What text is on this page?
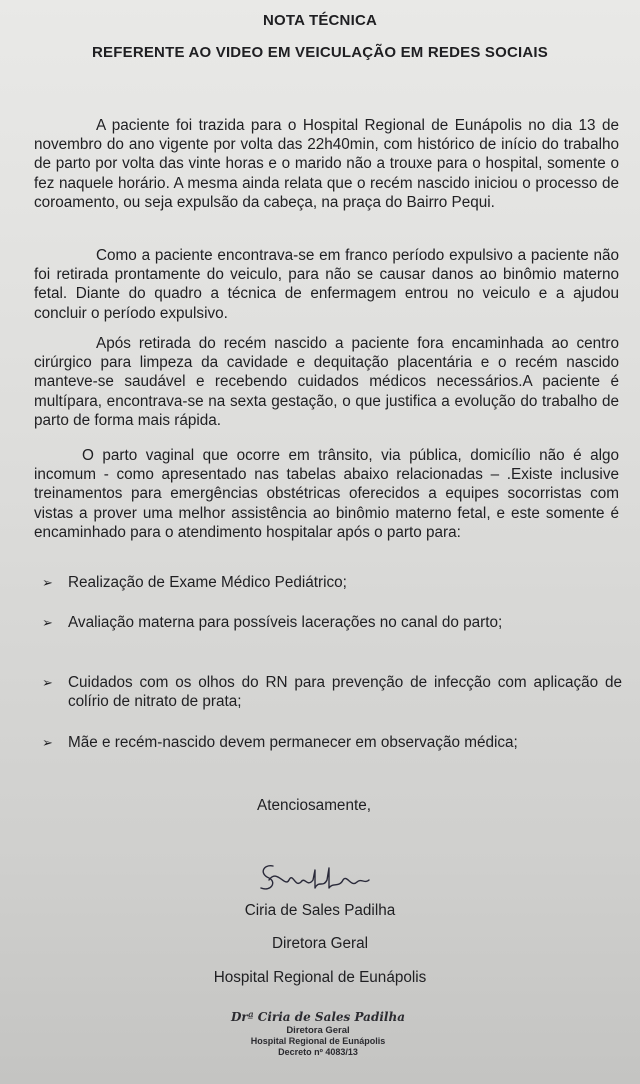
NOTA TÉCNICA
REFERENTE AO VIDEO EM VEICULAÇÃO EM REDES SOCIAIS

A paciente foi trazida para o Hospital Regional de Eunápolis no dia 13 de novembro do ano vigente por volta das 22h40min, com histórico de início do trabalho de parto por volta das vinte horas e o marido não a trouxe para o hospital, somente o fez naquele horário. A mesma ainda relata que o recém nascido iniciou o processo de coroamento, ou seja expulsão da cabeça, na praça do Bairro Pequi.

Como a paciente encontrava-se em franco período expulsivo a paciente não foi retirada prontamente do veiculo, para não se causar danos ao binômio materno fetal. Diante do quadro a técnica de enfermagem entrou no veiculo e a ajudou concluir o período expulsivo.

Após retirada do recém nascido a paciente fora encaminhada ao centro cirúrgico para limpeza da cavidade e dequitação placentária e o recém nascido manteve-se saudável e recebendo cuidados médicos necessários.A paciente é multípara, encontrava-se na sexta gestação, o que justifica a evolução do trabalho de parto de forma mais rápida.

O parto vaginal que ocorre em trânsito, via pública, domicílio não é algo incomum - como apresentado nas tabelas abaixo relacionadas – .Existe inclusive treinamentos para emergências obstétricas oferecidos a equipes socorristas com vistas a prover uma melhor assistência ao binômio materno fetal, e este somente é encaminhado para o atendimento hospitalar após o parto para:

➢ Realização de Exame Médico Pediátrico;
➢ Avaliação materna para possíveis lacerações no canal do parto;
➢ Cuidados com os olhos do RN para prevenção de infecção com aplicação de colírio de nitrato de prata;
➢ Mãe e recém-nascido devem permanecer em observação médica;
Atenciosamente,
Ciria de Sales Padilha
Diretora Geral
Hospital Regional de Eunápolis
Drª Ciria de Sales Padilha
Diretora Geral
Hospital Regional de Eunápolis
Decreto nº 4083/13
